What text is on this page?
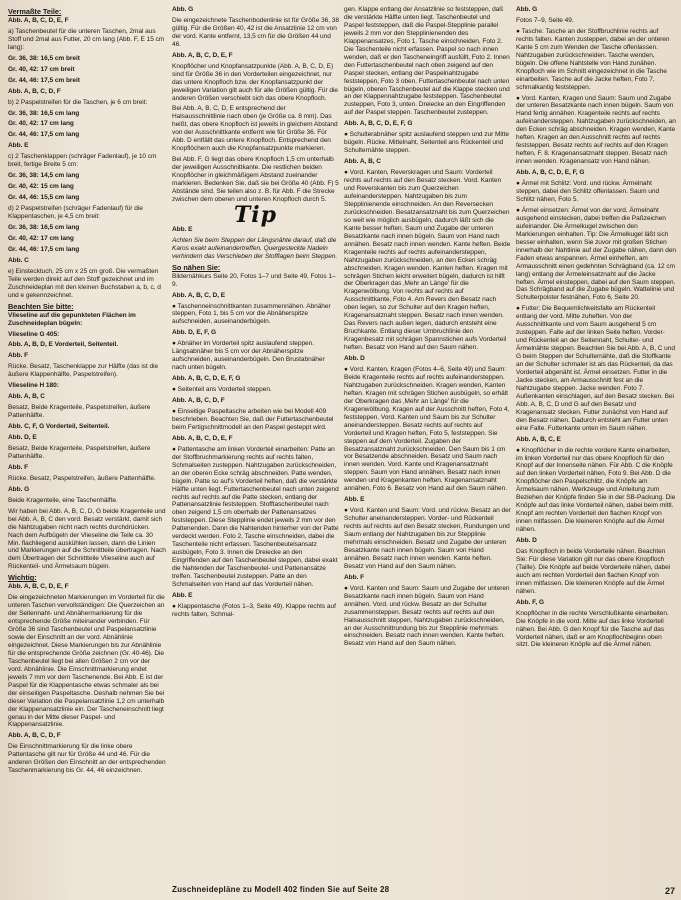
Vermaßte Teile:
Abb. A, B, C, D, E, F
a) Taschenbeutel für die unteren Taschen, 2mal aus Stoff und 2mal aus Futter, 20 cm lang (Abb. F, E 15 cm lang):
Gr. 36, 38: 16,5 cm breit
Gr. 40, 42: 17 cm breit
Gr. 44, 46: 17,5 cm breit
Abb. A, B, C, D, F
b) 2 Paspelstreifen für die Taschen, je 6 cm breit:
Gr. 36, 38: 16,5 cm lang
Gr. 40, 42: 17 cm lang
Gr. 44, 46: 17,5 cm lang
Abb. E
c) 2 Taschenklappen (schräger Fadenlauf), je 10 cm breit, fertige Breite 5 cm:
Gr. 36, 38: 14,5 cm lang
Gr. 40, 42: 15 cm lang
Gr. 44, 46: 15,5 cm lang
d) 2 Paspelstreifen (schräger Fadenlauf) für die Klappentaschen, je 4,5 cm breit:
Gr. 36, 38: 16,5 cm lang
Gr. 40, 42: 17 cm lang
Gr. 44, 46: 17,5 cm lang
Abb. C
e) Einstecktuch, 25 cm x 25 cm groß. Die vermaßten Teile werden direkt auf den Stoff gezeichnet und im Zuschneideplan mit den kleinen Buchstaben a, b, c, d und e gekennzeichnet.
Beachten Sie bitte:
Vlieseline auf die gepunkteten Flächen im Zuschneideplan bügeln:
Vlieseline G 405:
Abb. A, B, D, E Vorderteil, Seitenteil.
Abb. F
Rücke. Besatz, Taschenklappe zur Hälfte (das ist die äußere Klappenhälfte, Paspelstreifen).
Vlieseline H 180:
Abb. A, B, C
Besatz, Beide Kragenteile, Paspelstreifen, äußere Pattenhälfte.
Abb. C, F, G Vorderteil, Seitenteil.
Abb. D, E
Besatz, Beide Kragenteile, Paspelstreifen, äußere Pattenhälfte.
Abb. F
Rücke. Besatz, Paspelstreifen, äußere Pattenhälfte.
Abb. G
Beide Kragenteile, eine Taschenhälfte.
Wir haben bei Abb. A, B, C, D, G beide Kragenteile und bei Abb. A, B, C den vord. Besatz verstärkt, damit sich die Nahtzugaben nicht nach rechts durchdrücken. Nach dem Aufbügeln der Vlieseline die Teile ca. 30 Min. flachliegend auskühlen lassen, dann die Linien und Markierungen auf die Schnittteile übertragen. Nach dem Übertragen der Schnittteile Vlieseline auch auf Rückenteil- und Ärmelsaum bügeln.
Wichtig:
Abb. A, B, C, D, E, F
Die eingezeichneten Markierungen im Vorderteil für die unteren Taschen vervollständigen: Die Querzeichen an der Seitennaht- und Abnähermarkierung für die entsprechende Größe miteinander verbinden. Für Größe 36 sind Taschenbeutel und Paspelansatzlinie sowie der Einschnitt an der vord. Abnählinie eingezeichnet. Diese Markierungen bis zur Abnählinie für die entsprechende Größe zeichnen (Gr. 40-46). Die Taschenbeutel liegt bei allen Größen 2 cm vor der vord. Abnählinie. Die Einschnittmarkierung endet jeweils 7 mm vor dem Taschenende. Bei Abb. E ist der Paspel für die Klappentasche etwas schmaler als bei der einseitigen Paspeltasche. Deshalb nehmen Sie bei dieser Variation die Paspelansatzlinie 1,2 cm unterhalb der Klappenansatzlinie ein. Der Tascheneinschnitt liegt genau in der Mitte dieser Paspel- und Klappenansatzlinie.
Abb. A, B, C, D, F
Die Einschnittmarkierung für die linke obere Pattentasche gilt nur für Größe 44 und 46. Für die anderen Größen den Einschnitt an der entsprechenden Taschenmarkierung bis Gr. 44, 46 einzeichnen.
Abb. G
Die eingezeichnete Taschenbodenlinie ist für Größe 36, 38 gültig. Für die Größen 40, 42 ist die Ansatzlinie 12 cm von der vord. Kante entfernt, 13,5 cm für die Größen 44 und 46.
Abb. A, B, C, D, E, F
Knopflöcher und Knopfansatzpunkte (Abb. A, B, C, D, E) sind für Größe 36 in den Vorderteilen eingezeichnet, nur das untere Knopfloch bzw. der Knopfansatzpunkt der jeweiligen Variation gilt auch für alle Größen gültig. Für die anderen Größen verschiebt sich das obere Knopfloch.
Bei Abb. A, B, C, D, E entsprechend der Halsausschnittlinie nach oben (je Größe ca. 8 mm). Das heißt, das obere Knopfloch ist jeweils in gleichem Abstand von der Ausschnittkante entfernt wie für Größe 36. Für Abb. D entfällt das untere Knopfloch. Entsprechend den Knopflöchern auch die Knopfansatzpunkte markieren.
Bei Abb. F, G liegt das obere Knopfloch 1,5 cm unterhalb der jeweiligen Ausschnittkante. Die restlichen beiden Knopflöcher in gleichmäßigem Abstand zueinander markieren. Bedenken Sie, daß sie bei Größe 40 (Abb. F) 5 Abstände sind. Sie teilen also z. B. für Abb. F die Strecke zwischen dem oberen und unteren Knopfloch durch 5.
Tip
Abb. E
Achten Sie beim Steppen der Längsnähte darauf, daß die Karos exakt aufeinandertreffen. Quergesteckte Nadeln verhindern das Verschieben der Stofflagen beim Steppen.
So nähen Sie:
Bildernähkurs Seite 20, Fotos 1–7 und Seite 49, Fotos 1–9.
Abb. A, B, C, D, E
● Taschenneinschnittkanten zusammennähen. Abnäher steppen, Foto 1, bis 5 cm vor die Abnäherspitze aufschneiden, auseinanderbügeln.
Abb. D, E, F, G
● Abnäher im Vorderteil spitz auslaufend steppen. Längsabnäher bis 5 cm vor der Abnäherspitze aufschneiden, auseinanderbügeln. Den Brustabnäher nach unten bügeln.
Abb. A, B, C, D, E, F, G
● Seitenteil ans Vorderteil steppen.
Abb. A, B, C, D, F
● Einseitige Paspeltasche arbeiten wie bei Modell 409 beschrieben. Beachten Sie, daß der Futtertaschenbeutel beim Fertigschnittmodell an den Paspel gesteppt wird.
Abb. A, B, C, D, E, F
● Pattentasche am linken Vorderteil einarbeiten: Patte an der Stoffbruchmarkierung rechts auf rechts falten, Schmalseiten zusteppen. Nahtzugaben zurückschneiden, an der oberen Ecke schräg abschneiden. Patte wenden, bügeln. Patte so auf's Vorderteil heften, daß die verstärkte Hälfte unten liegt. Futtertaschenbeutel nach unten zeigend rechts auf rechts auf die Patte stecken, entlang der Pattenansatzlinie feststeppen. Stofftaschenbeutel nach oben zeigend 1,5 cm oberhalb der Pattenansatzes feststeppen. Diese Stepplinie endet jeweils 2 mm vor den Pattenenden. Dann die Nahtenden hinterher von der Patte verdeckt werden. Foto 2, Tasche einschneiden, dabei die Taschenteile nicht erfassen. Taschenbeutelsansatz ausbügeln, Foto 3. Innen die Dreiecke an den Eingriffenden auf den Taschenbeutel steppen, dabei exakt die Nahtenden der Taschenbeutel- und Pattenansätze treffen. Taschenbeutel zusteppen. Patte an den Schmalseiten von Hand auf das Vorderteil nähen.
Abb. E
● Klappentasche (Fotos 1–3, Seite 49). Klappe rechts auf rechts falten, Schmal-
gen. Klappe entlang der Ansatzlinie so feststeppen, daß die verstärkte Hälfte unten liegt. Taschenbeutel und Paspel feststeppen, daß die Paspel-Stepplinie parallel jeweils 2 mm vor den Stepplinienenden des Klappenansatzes, Foto 1. Tasche einschneiden, Foto 2. Die Taschenteile nicht erfassen. Paspel so nach innen wenden, daß er den Tascheneingriff ausfüllt, Foto 2. Innen den Futtertaschenbeutel nach oben zeigend auf den Paspel stecken, entlang der Paspelnahtzugabe feststeppen, Foto 3 oben. Futtertaschenbeutel nach unten bügeln, oberen Taschenbeutel auf die Klappe stecken und an der Klappennahtzugabe feststeppen. Taschenbeutel zusteppen, Foto 3, unten. Dreiecke an den Eingriffenden auf der Paspel steppen. Taschenbeutel zusteppen.
Abb. A, B, C, D, E, F, G
● Schulterabnäher spitz auslaufend steppen und zur Mitte bügeln. Rücke. Mittelnaht, Seitenteil ans Rückenteil und Schulternähte steppen.
Abb. A, B, C
● Vord. Kanten, Reverskragen und Saum: Vorderteil rechts auf rechts auf den Besatz stecken. Vord. Kanten und Reverskanten bis zum Querzeichen aufeinandersteppen. Nahtzugaben bis zum Stepplinienende einschneiden. An den Reversecken zurückschneiden. Besatzansatznaht bis zum Querzeichen so weit wie möglich ausbügeln, dadurch läßt sich die Kante besser heften. Saum und Zugabe der unteren Besatzkante nach innen bügeln. Saum von Hand nach annähen. Besatz nach innen wenden. Kante heften. Beide Kragenteile rechts auf rechts aufeinandersteppen, Nahtzugaben zurückschneiden, an den Ecken schräg abschneiden. Kragen wenden. Kanten heften. Kragen mit schrägen Stichen leicht erweitert bügeln, dadurch ist hilft der Oberkragen das ‚Mehr an Länge' für die Kragenwölbung. Von rechts auf rechts auf Ausschnittkante, Foto 4. Am Revers den Besatz nach oben legen, so zur Schulter auf den Kragen heften, Kragenansatznaht steppen. Besatz nach innen wenden. Das Revers nach außen legen, dadurch entsteht eine Bruchkante. Entlang dieser Umbruchlinie den Kragenbesatz mit schrägen Spannstichen aufs Vorderteil heften. Besatz von Hand auf den Saum nähen.
Abb. D
● Vord. Kanten, Kragen (Fotos 4–6, Seite 49) und Saum: Beide Kragenteile rechts auf rechts aufeinandersteppen. Nahtzugaben zurückschneiden. Kragen wenden, Kanten heften. Kragen mit schrägen Stichen ausbügeln, so erhält der Oberkragen das ‚Mehr an Länge' für die Kragenwölbung. Kragen auf der Ausschnitt heften, Foto 4, feststeppen. Vord. Kanten und Saum bis zur Schulter aneinandersteppen. Besatz rechts auf rechts auf Vorderteil und Kragen heften, Foto 5, feststeppen. Sie steppen auf dem Vorderteil. Zugaben der Besatzansatznaht zurückschneiden. Den Saum bis 1 cm vor Besatzende abschneiden. Besatz und Saum nach innen wenden. Vord. Kante und Kragenansatznaht steppen. Saum von Hand annähen. Besatz nach innen wenden und Kragenkanten heften. Kragenansatznaht annähen, Foto 6. Besatz von Hand auf den Saum nähen.
Abb. E
● Vord. Kanten und Saum: Vord. und rückw. Besatz an der Schulter aneinandersteppen. Vorder- und Rückenteil rechts auf rechts auf den Besatz stecken, Rundungen und Saum entlang der Nahtzugaben bis zur Stepplinie mehrmals einschneiden. Besatz und Zugabe der unteren Besatzkante nach innen bügeln. Saum von Hand annähen. Besatz nach innen wenden. Kante heften. Besatz von Hand auf den Saum nähen.
Abb. F
● Vord. Kanten und Saum: Saum und Zugabe der unteren Besatzkante nach innen bügeln. Saum von Hand annähen. Vord. und rückw. Besatz an der Schulter zusammensteppen. Besatz rechts auf rechts auf den Halsausschnitt steppen, Nahtzugaben zurückschneiden, an der Ausschnittrundung bis zur Stepplinie mehrmals einschneiden. Besatz nach innen wenden. Kante heften. Besatz von Hand auf den Saum nähen.
Abb. G
Fotos 7–9, Seite 49.
● Tasche: Tasche an der Stoffbruchlinie rechts auf rechts falten. Kanten zusteppen, dabei an der unteren Kante 5 cm zum Wenden der Tasche offenlassen. Nahtzugaben zurückschneiden. Tasche wenden, bügeln. Die offene Nahtstelle von Hand zunähen. Knopfloch wie im Schnitt eingezeichnet in die Tasche einarbeiten. Tasche auf die Jacke heften, Foto 7, schmalkantig feststeppen.
● Vord. Kanten, Kragen und Saum: Saum und Zugabe der unteren Besatzkante nach innen bügeln. Saum von Hand fertig annähen. Kragenteile rechts auf rechts aufeinandersteppen. Nahtzugaben zurückschneiden, an den Ecken schräg abschneiden. Kragen wenden, Kante heften. Kragen an den Ausschnitt rechts auf rechts feststeppen. Besatz rechts auf rechts auf den Kragen heften, F. 8. Kragenansatznaht steppen. Besatz nach innen wenden. Kragenansatz von Hand nähen.
Abb. A, B, C, D, E, F, G
● Ärmel mit Schlitz: Vord. und rückw. Ärmelnaht steppen, dabei den Schlitz offenlassen. Saum und Schlitz nähen, Foto 5.
● Ärmel einsetzen: Ärmel von der vord. Ärmelnaht ausgehend einstecken, dabei treffen die Paßzeichen aufeinander. Die Ärmelkugel zwischen den Markierungen einhalten. Tip: Die Ärmelkugel läßt sich besser einhalten, wenn Sie zuvor mit großen Stichen innerhalb der Nahtlinie auf der Zugabe nähen, dann den Faden etwas anspannen. Ärmel einheften, am Armausschnitt einen gedehnten Schrägband (ca. 12 cm lang) entlang der Ärmeleinsatznaht auf die Jacke heften. Ärmel einsteppen, dabei auf den Saum steppen. Das Schrägband auf die Zugabe bügeln. Wattelinie und Schulterpolster festnähen, Foto 6, Seite 20.
● Futter: Die Bequemlichkeitsfalte am Rückenteil entlang der vord. Mitte zuheften. Von der Ausschnittkante und vom Saum ausgehend 5 cm zusteppen. Falte auf der linken Seite heften. Vorder- und Rückenteil an der Seitennaht, Schulter- und Ärmelnähte steppen. Beachten Sie bei Abb. A, B, C und G beim Steppen der Schulternähte, daß die Stoffkante an der Schulter schmaler ist als das Rückenteil, da das Vorderteil abgenäht ist. Ärmel einsetzen. Futter in die Jacke stecken, am Armausschnitt fest an die Nahtzugabe steppen. Jacke wenden. Foto 7. Außenkanten einschlagen, auf den Besatz stecken. Bei Abb. A, B, C, D und G auf den Besatz und Kragenansatz stecken. Futter zunächst von Hand auf den Besatz nähen. Dadurch entsteht am Futter unten eine Falte. Futterkante unten im Saum nähen.
Abb. A, B, C, E
● Knopflöcher in die rechte vordere Kante einarbeiten, im linken Vorderteil nur das obere Knopfloch für den Knopf auf der Innenseite nähen. Für Abb. C die Knöpfe auf den linken Vorderteil nähen, Foto 9. Bei Abb. D die Knopflöcher den Paspelschlitz, die Knöpfe am Ärmelsaum nähen. Werkzeuge und Anleitung zum Beziehen der Knöpfe finden Sie in der SB-Packung. Die Knöpfe auf das linke Vorderteil nähen, dabei beim mittl. Knopf am rechten Vorderteil den flachen Knopf von innen mitfassen. Die kleineren Knöpfe auf die Ärmel nähen.
Abb. D
Das Knopfloch in beide Vorderteile nähen. Beachten Sie: Für diese Variation gilt nur das obere Knopfloch (Taille). Die Knöpfe auf beide Vorderteile nähen, dabei auch am rechten Vorderteil den flachen Knopf von innen mitfassen. Die kleineren Knöpfe auf die Ärmel nähen.
Abb. F, G
Knopflöcher in die rechte Verschlußkante einarbeiten. Die Knöpfe in die vord. Mitte auf das linke Vorderteil nähen. Bei Abb. G den Knopf für die Tasche auf das Vorderteil nähen, daß er am Knopflochbeginn oben sitzt. Die kleineren Knöpfe auf die Ärmel nähen.
Zuschneidepläne zu Modell 402 finden Sie auf Seite 28	27
